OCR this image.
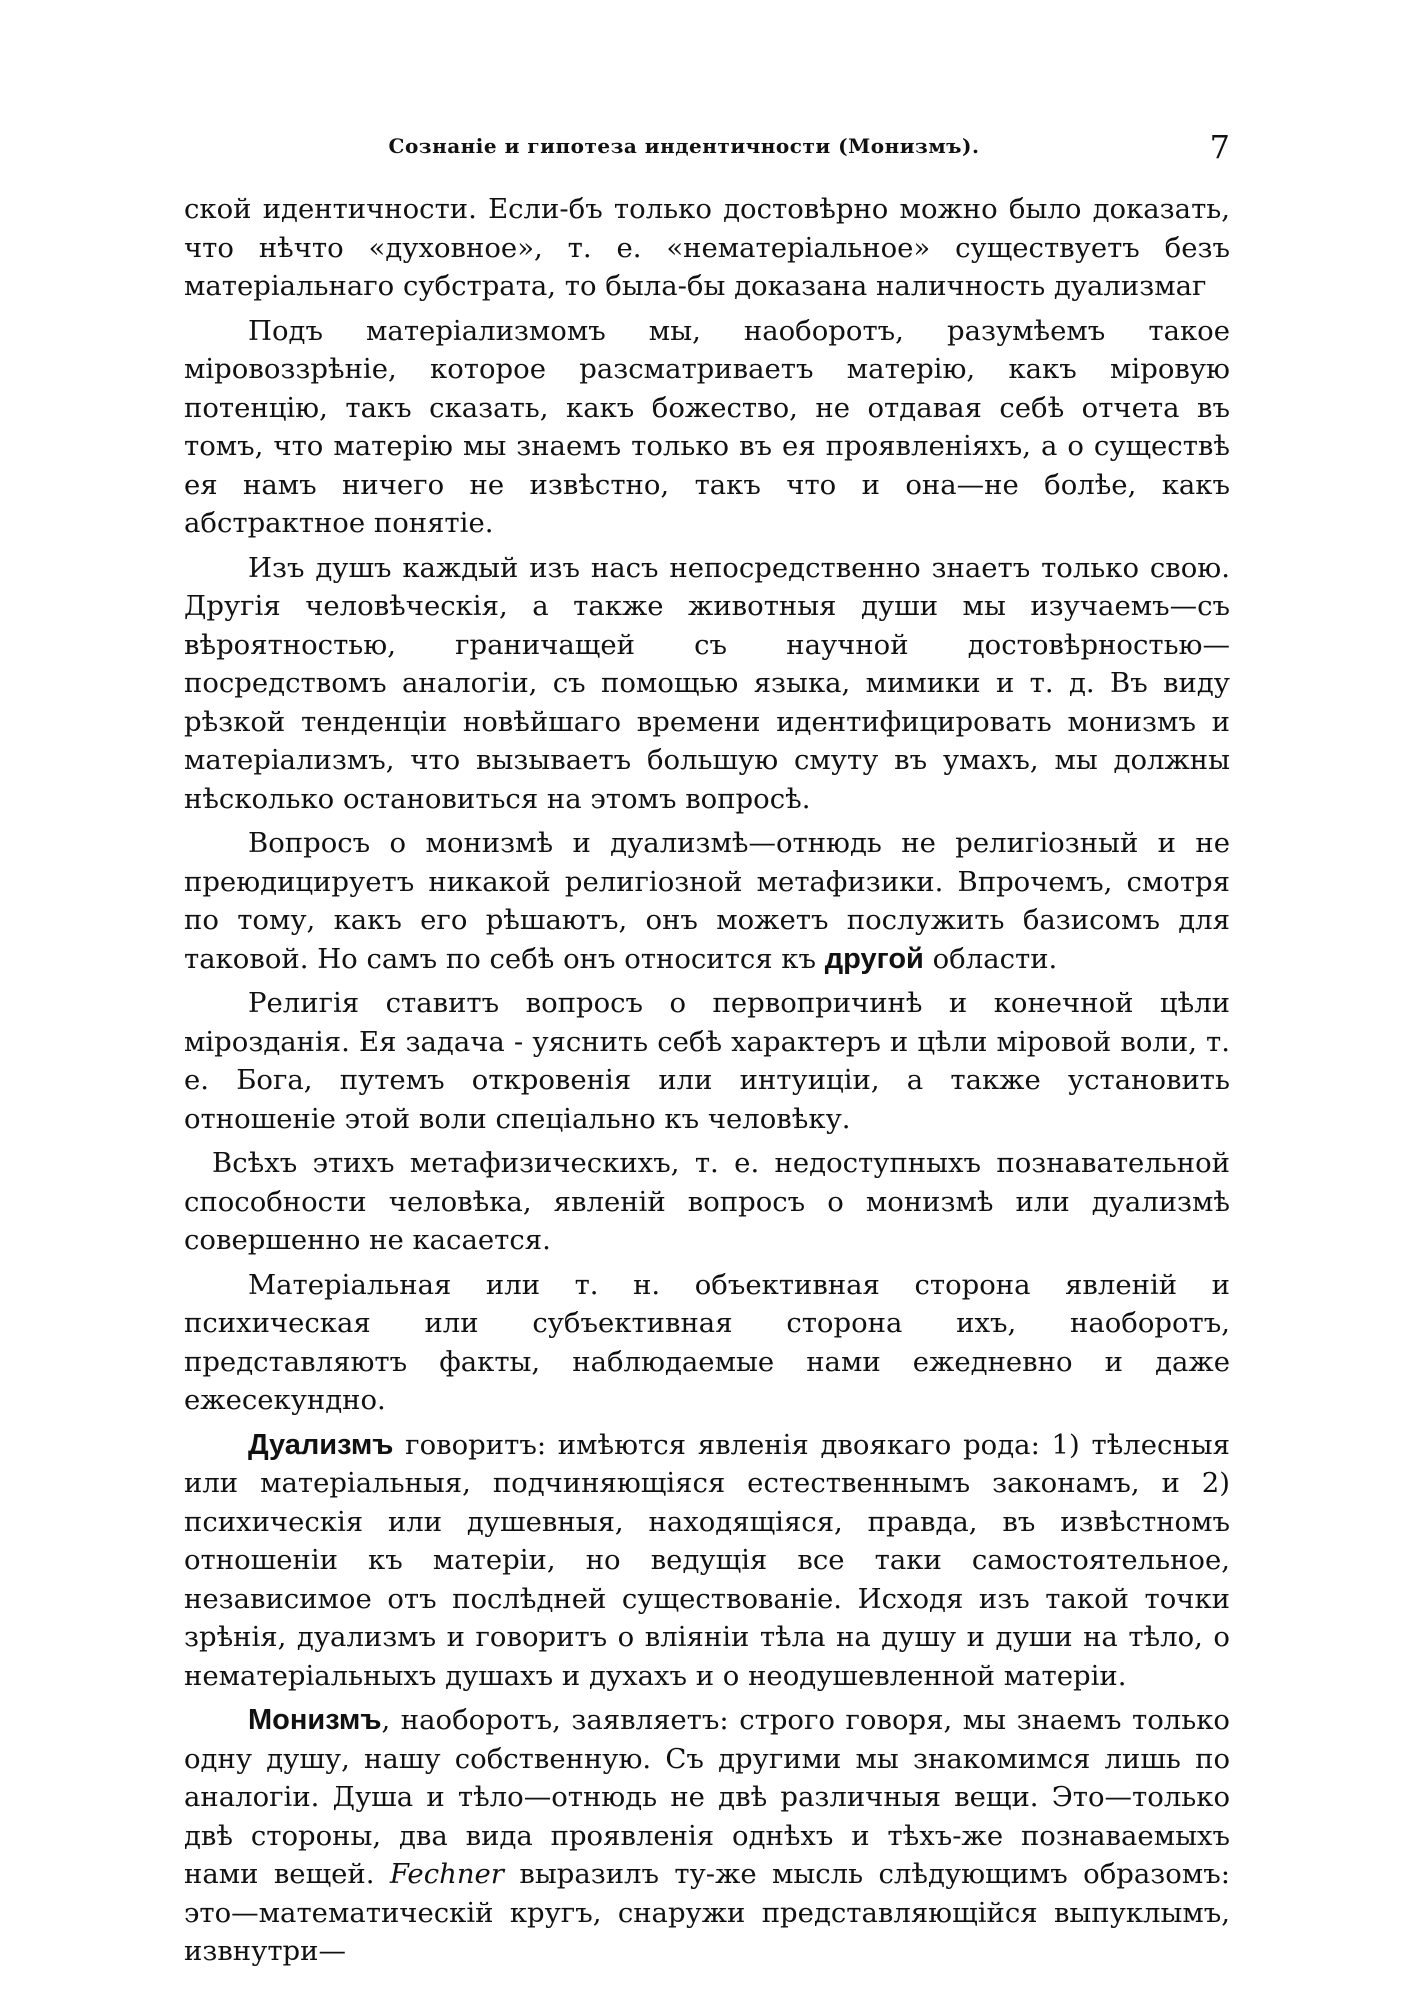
Сознаніе и гипотеза индентичности (Монизмъ).	7

ской идентичности. Если-бъ только достовѣрно можно было доказать, что нѣчто «духовное», т. е. «нематеріальное» существуетъ безъ матеріальнаго субстрата, то была-бы доказана наличность дуализмаг

Подъ матеріализмомъ мы, наоборотъ, разумѣемъ такое міровоззрѣніе, которое разсматриваетъ матерію, какъ міровую потенцію, такъ сказать, какъ божество, не отдавая себѣ отчета въ томъ, что матерію мы знаемъ только въ ея проявленіяхъ, а о существѣ ея намъ ничего не извѣстно, такъ что и она—не болѣе, какъ абстрактное понятіе.

Изъ душъ каждый изъ насъ непосредственно знаетъ только свою. Другія человѣческія, а также животныя души мы изучаемъ—съ вѣроятностью, граничащей съ научной достовѣрностью—посредствомъ аналогіи, съ помощью языка, мимики и т. д. Въ виду рѣзкой тенденціи новѣйшаго времени идентифицировать монизмъ и матеріализмъ, что вызываетъ большую смуту въ умахъ, мы должны нѣсколько остановиться на этомъ вопросѣ.

Вопросъ о монизмѣ и дуализмѣ—отнюдь не религіозный и не преюдицируетъ никакой религіозной метафизики. Впрочемъ, смотря по тому, какъ его рѣшаютъ, онъ можетъ послужить базисомъ для таковой. Но самъ по себѣ онъ относится къ другой области.

Религія ставитъ вопросъ о первопричинѣ и конечной цѣли мірозданія. Ея задача - уяснить себѣ характеръ и цѣли міровой воли, т. е. Бога, путемъ откровенія или интуиціи, а также установить отношеніе этой воли спеціально къ человѣку.

Всѣхъ этихъ метафизическихъ, т. е. недоступныхъ познавательной способности человѣка, явленій вопросъ о монизмѣ или дуализмѣ совершенно не касается.

Матеріальная или т. н. объективная сторона явленій и психическая или субъективная сторона ихъ, наоборотъ, представляютъ факты, наблюдаемые нами ежедневно и даже ежесекундно.

Дуализмъ говоритъ: имѣются явленія двоякаго рода: 1) тѣлесныя или матеріальныя, подчиняющіяся естественнымъ законамъ, и 2) психическія или душевныя, находящіяся, правда, въ извѣстномъ отношеніи къ матеріи, но ведущія все таки самостоятельное, независимое отъ послѣдней существованіе. Исходя изъ такой точки зрѣнія, дуализмъ и говоритъ о вліяніи тѣла на душу и души на тѣло, о нематеріальныхъ душахъ и духахъ и о неодушевленной матеріи.

Монизмъ, наоборотъ, заявляетъ: строго говоря, мы знаемъ только одну душу, нашу собственную. Съ другими мы знакомимся лишь по аналогіи. Душа и тѣло—отнюдь не двѣ различныя вещи. Это—только двѣ стороны, два вида проявленія однѣхъ и тѣхъ-же познаваемыхъ нами вещей. Fechner выразилъ ту-же мысль слѣдующимъ образомъ: это—математическій кругъ, снаружи представляющійся выпуклымъ, извнутри—
